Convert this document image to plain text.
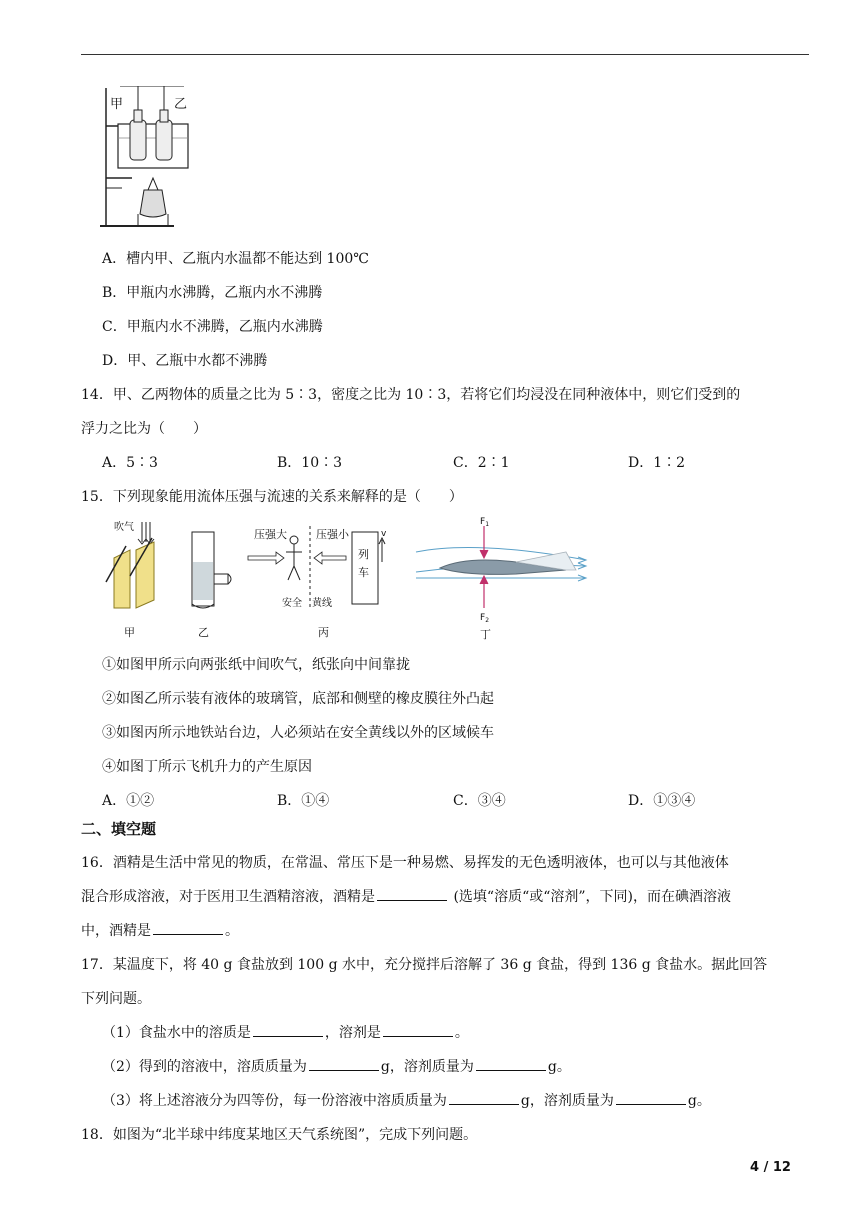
甲	乙
A．槽内甲、乙瓶内水温都不能达到 100℃
B．甲瓶内水沸腾，乙瓶内水不沸腾
C．甲瓶内水不沸腾，乙瓶内水沸腾
D．甲、乙瓶中水都不沸腾
14．甲、乙两物体的质量之比为 5∶3，密度之比为 10∶3，若将它们均浸没在同种液体中，则它们受到的
浮力之比为（　　）
A．5∶3	B．10∶3	C．2∶1	D．1∶2
15．下列现象能用流体压强与流速的关系来解释的是（　　）
吹气
甲	乙
压强大	压强小
列
车
v
安全 黄线
丙
$F_1$
$F_2$
丁
①如图甲所示向两张纸中间吹气，纸张向中间靠拢
②如图乙所示装有液体的玻璃管，底部和侧壁的橡皮膜往外凸起
③如图丙所示地铁站台边，人必须站在安全黄线以外的区域候车
④如图丁所示飞机升力的产生原因
A．①②	B．①④	C．③④	D．①③④
二、填空题
16．酒精是生活中常见的物质，在常温、常压下是一种易燃、易挥发的无色透明液体，也可以与其他液体
混合形成溶液，对于医用卫生酒精溶液，酒精是	(选填“溶质“或“溶剂”，下同)，而在碘酒溶液
中，酒精是	。
17．某温度下，将 40 g 食盐放到 100 g 水中，充分搅拌后溶解了 36 g 食盐，得到 136 g 食盐水。据此回答
下列问题。
（1）食盐水中的溶质是	，溶剂是	。
（2）得到的溶液中，溶质质量为	g，溶剂质量为	g。
（3）将上述溶液分为四等份，每一份溶液中溶质质量为	g，溶剂质量为	g。
18．如图为“北半球中纬度某地区天气系统图”，完成下列问题。
4 / 12
